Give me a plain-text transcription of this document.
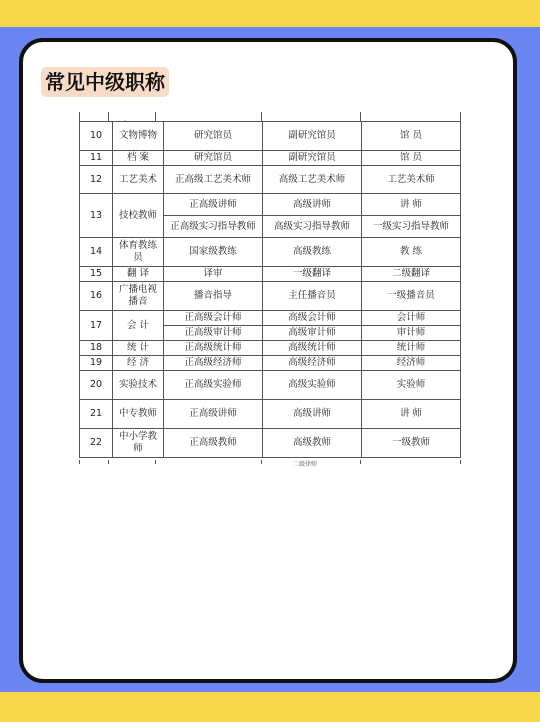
常见中级职称
、
10	文物博物	研究馆员	副研究馆员	馆 员
11	档 案	研究馆员	副研究馆员	馆 员
12	工艺美术	正高级工艺美术师	高级工艺美术师	工艺美术师
13	技校教师	正高级讲师	高级讲师	讲 师
		正高级实习指导教师	高级实习指导教师	一级实习指导教师
14	体育教练员	国家级教练	高级教练	教 练
15	翻 译	译审	一级翻译	二级翻译
16	广播电视播音	播音指导	主任播音员	一级播音员
17	会 计	正高级会计师	高级会计师	会计师
		正高级审计师	高级审计师	审计师
18	统 计	正高级统计师	高级统计师	统计师
19	经 济	正高级经济师	高级经济师	经济师
20	实验技术	正高级实验师	高级实验师	实验师
21	中专教师	正高级讲师	高级讲师	讲 师
22	中小学教师	正高级教师	高级教师	一级教师
二级律师
